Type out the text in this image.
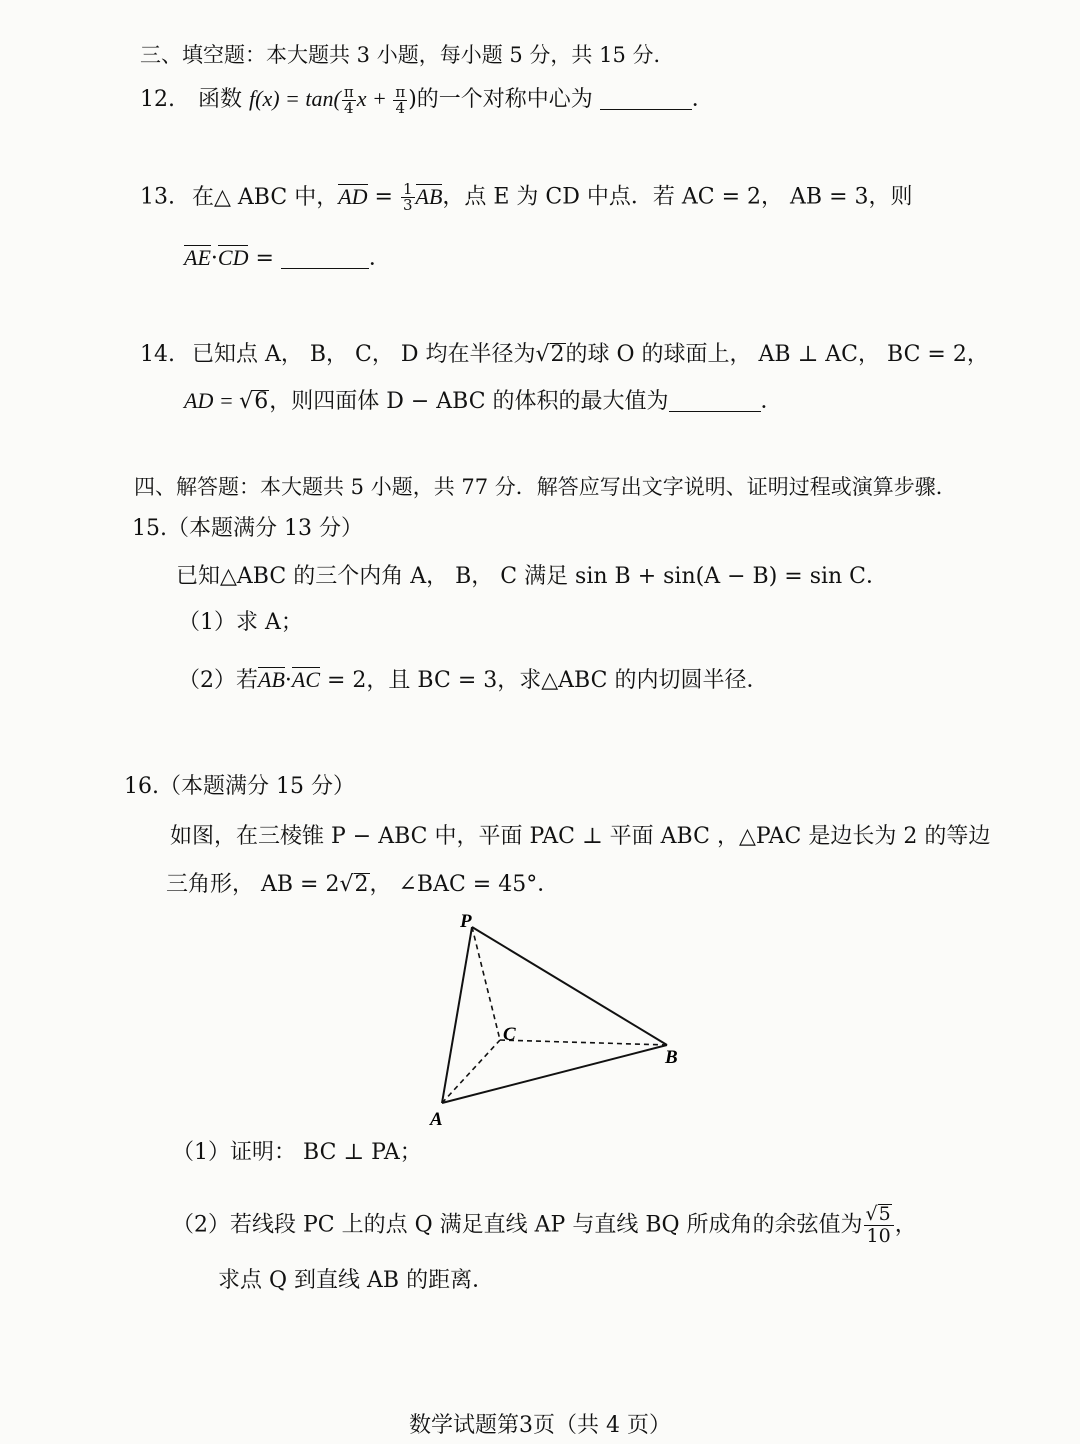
三、填空题：本大题共 3 小题，每小题 5 分，共 15 分．
12. 函数 $f(x) = \tan( \frac{\pi}{4}$ $x + \frac{\pi}{4}$ )的一个对称中心为	．
13. 在△ ABC 中，AD = $\frac{1}{3}$ AB，点 E 为 CD 中点．若 AC = 2， AB = 3，则
AE·CD =	．
14. 已知点 A， B， C， D 均在半径为√2的球 O 的球面上， AB ⊥ AC， BC = 2，
AD = √6，则四面体 D − ABC 的体积的最大值为	．
四、解答题：本大题共 5 小题，共 77 分．解答应写出文字说明、证明过程或演算步骤．
15.（本题满分 13 分）
已知△ABC 的三个内角 A， B， C 满足 sin B + sin(A − B) = sin C．
（1）求 A；
（2）若AB·AC = 2，且 BC = 3，求△ABC 的内切圆半径．
16.（本题满分 15 分）
如图，在三棱锥 P − ABC 中，平面 PAC ⊥ 平面 ABC ，△PAC 是边长为 2 的等边
三角形， AB = 2√2， ∠BAC = 45°．
P
A
B
C
（1）证明： BC ⊥ PA；
（2）若线段 PC 上的点 Q 满足直线 AP 与直线 BQ 所成角的余弦值为 $\frac{√5}{10}$ ，
求点 Q 到直线 AB 的距离．
数学试题第3页（共 4 页）
